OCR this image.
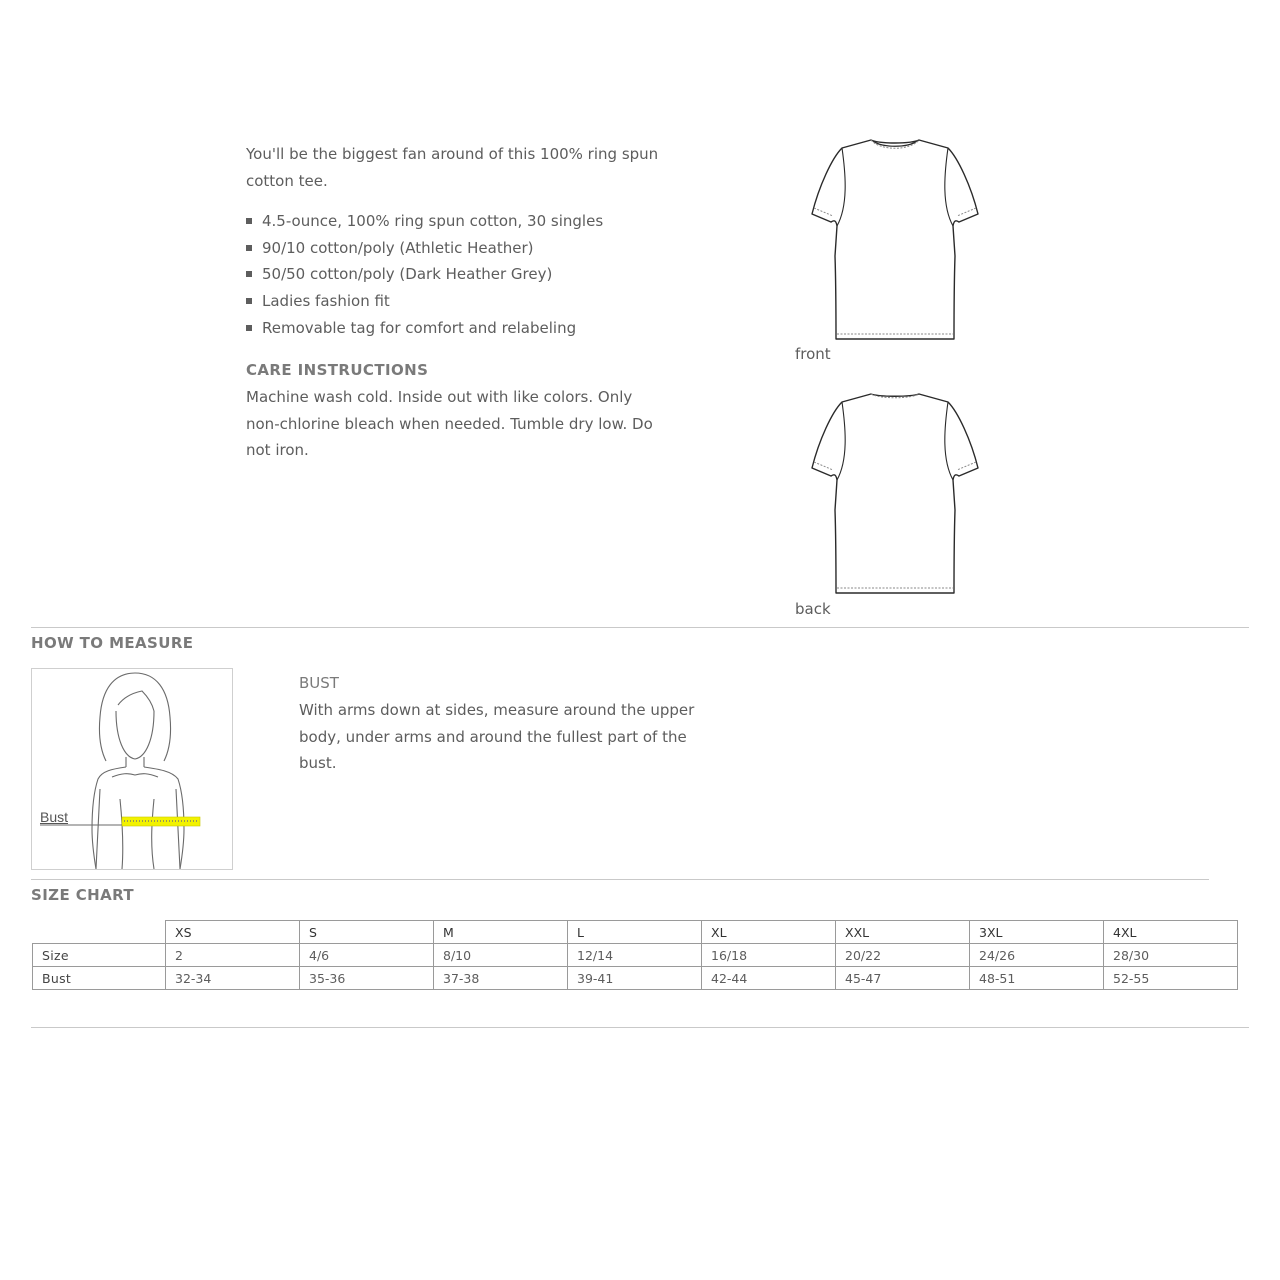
You'll be the biggest fan around of this 100% ring spun cotton tee.

4.5-ounce, 100% ring spun cotton, 30 singles
90/10 cotton/poly (Athletic Heather)
50/50 cotton/poly (Dark Heather Grey)
Ladies fashion fit
Removable tag for comfort and relabeling
CARE INSTRUCTIONS

Machine wash cold. Inside out with like colors. Only non-chlorine bleach when needed. Tumble dry low. Do not iron.

front
back
HOW TO MEASURE
Bust
BUST

With arms down at sides, measure around the upper body, under arms and around the fullest part of the bust.

SIZE CHART
	XS	S	M	L	XL	XXL	3XL	4XL
Size	2	4/6	8/10	12/14	16/18	20/22	24/26	28/30
Bust	32-34	35-36	37-38	39-41	42-44	45-47	48-51	52-55
